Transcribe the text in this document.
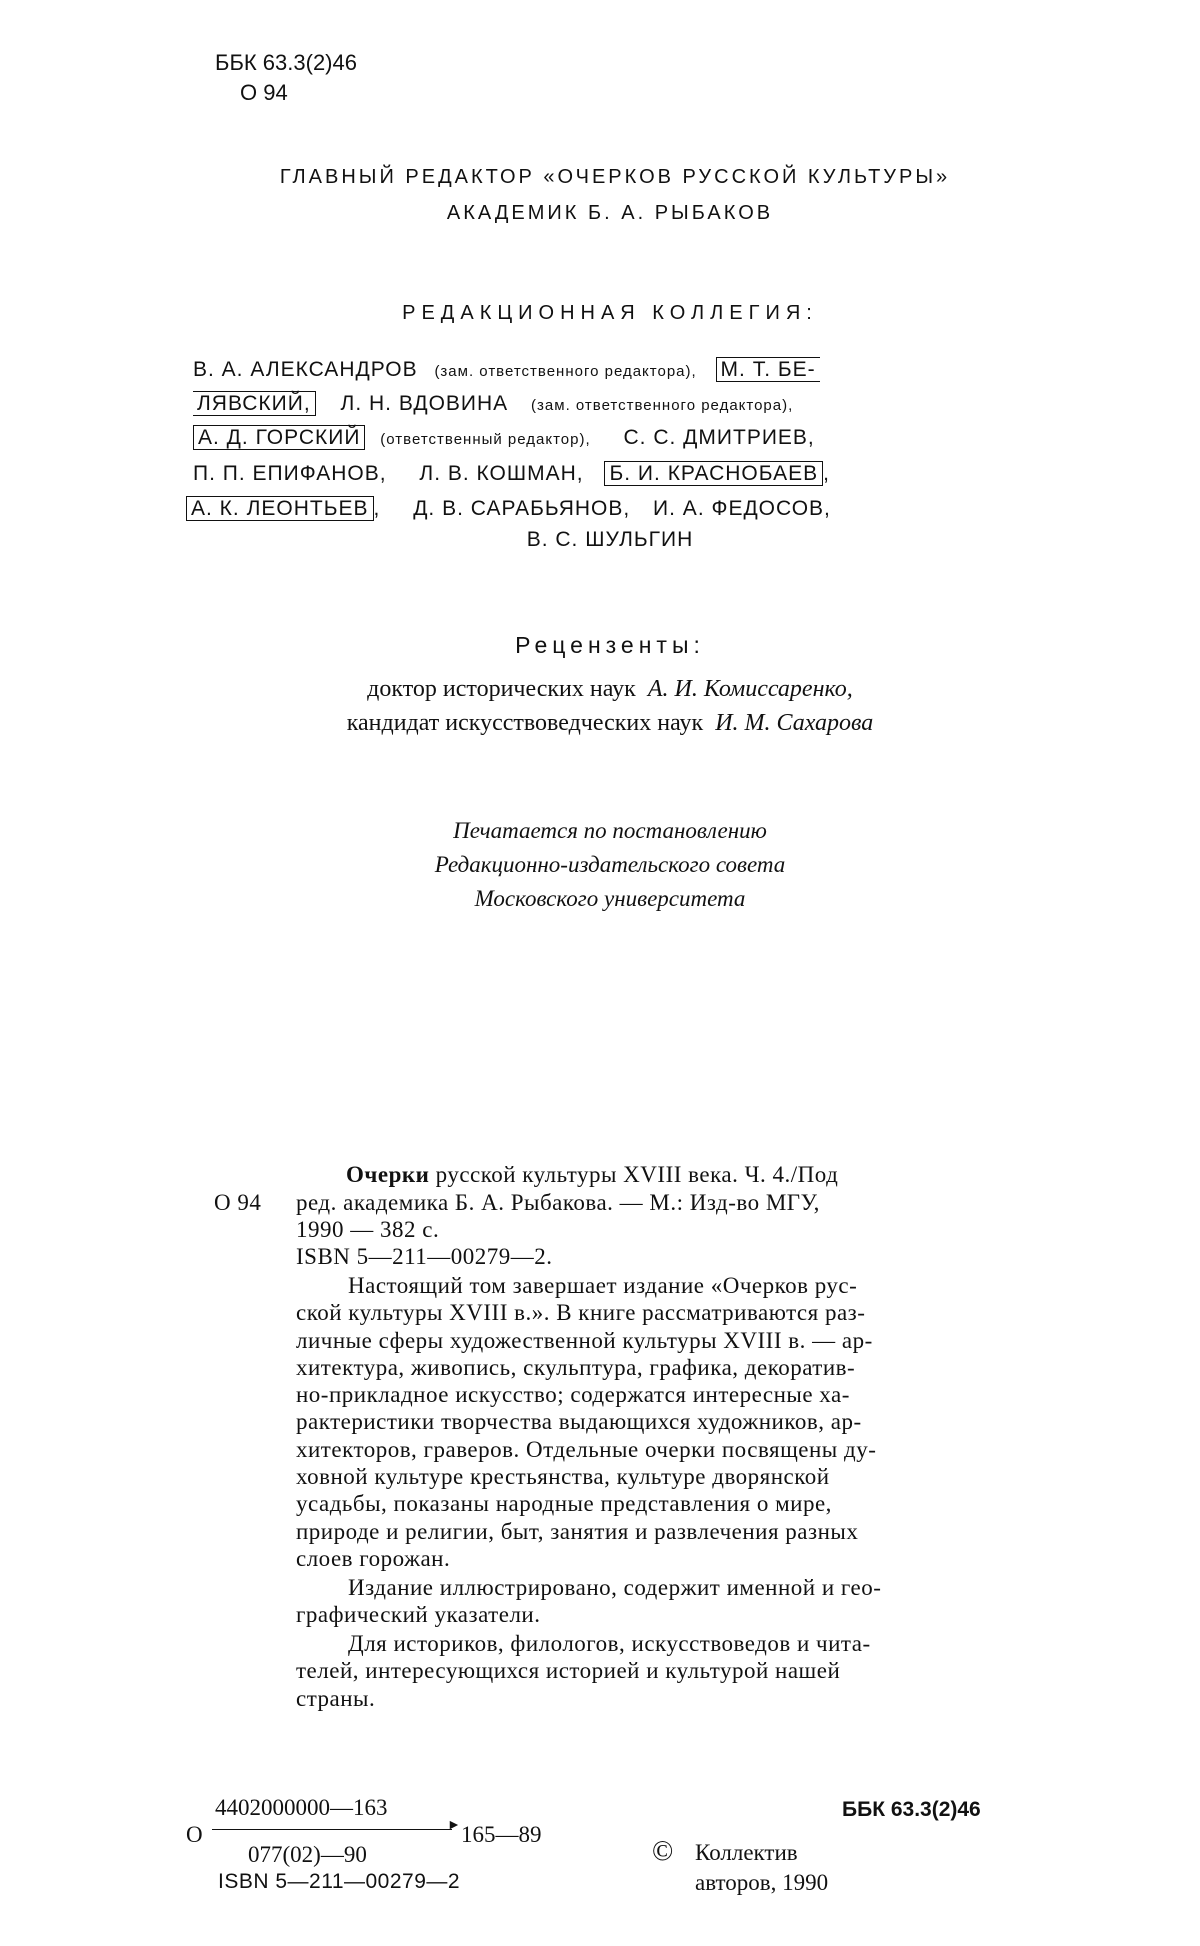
ББК 63.3(2)46
О 94
ГЛАВНЫЙ РЕДАКТОР «ОЧЕРКОВ РУССКОЙ КУЛЬТУРЫ»
АКАДЕМИК Б. А. РЫБАКОВ
РЕДАКЦИОННАЯ КОЛЛЕГИЯ:
В. А. АЛЕКСАНДРОВ (зам. ответственного редактора), М. Т. БЕ-
ЛЯВСКИЙ, Л. Н. ВДОВИНА (зам. ответственного редактора),
А. Д. ГОРСКИЙ (ответственный редактор), С. С. ДМИТРИЕВ,
П. П. ЕПИФАНОВ, Л. В. КОШМАН, Б. И. КРАСНОБАЕВ ,
А. К. ЛЕОНТЬЕВ , Д. В. САРАБЬЯНОВ, И. А. ФЕДОСОВ,
В. С. ШУЛЬГИН
Рецензенты:
доктор исторических наук А. И. Комиссаренко,
кандидат искусствоведческих наук И. М. Сахарова
Печатается по постановлению
Редакционно-издательского совета
Московского университета
Очерки русской культуры XVIII века. Ч. 4./Под
О 94 ред. академика Б. А. Рыбакова. — М.: Изд-во МГУ,
1990 — 382 с.
ISBN 5—211—00279—2.
Настоящий том завершает издание «Очерков рус-
ской культуры XVIII в.». В книге рассматриваются раз-
личные сферы художественной культуры XVIII в. — ар-
хитектура, живопись, скульптура, графика, декоратив-
но-прикладное искусство; содержатся интересные ха-
рактеристики творчества выдающихся художников, ар-
хитекторов, граверов. Отдельные очерки посвящены ду-
ховной культуре крестьянства, культуре дворянской
усадьбы, показаны народные представления о мире,
природе и религии, быт, занятия и развлечения разных
слоев горожан.
Издание иллюстрировано, содержит именной и гео-
графический указатели.
Для историков, филологов, искусствоведов и чита-
телей, интересующихся историей и культурой нашей
страны.
О
4402000000—163
► 165—89
077(02)—90
ISBN 5—211—00279—2
ББК 63.3(2)46
© Коллектив
авторов, 1990
